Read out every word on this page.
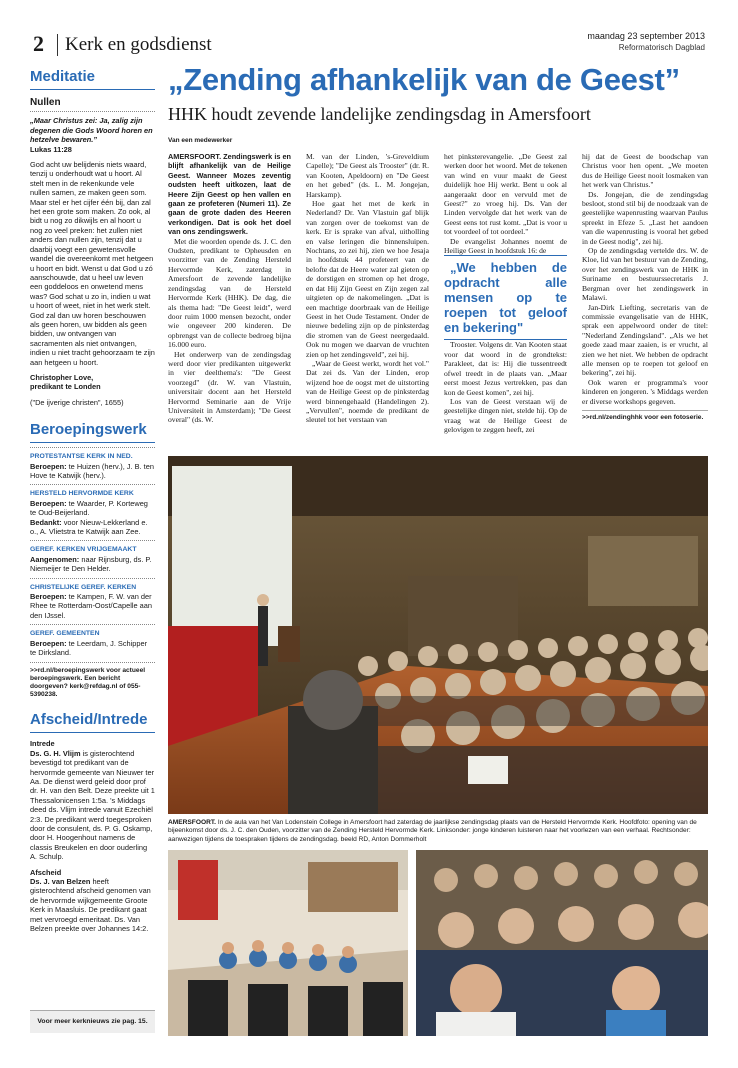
2	Kerk en godsdienst	maandag 23 september 2013
Reformatorisch Dagblad
Meditatie
Nullen
„Maar Christus zei: Ja, zalig zijn degenen die Gods Woord horen en hetzelve bewaren.”
Lukas 11:28
God acht uw belijdenis niets waard, tenzij u onderhoudt wat u hoort. Al stelt men in de rekenkunde vele nullen samen, ze maken geen som. Maar stel er het cijfer één bij, dan zal het een grote som maken. Zo ook, al bidt u nog zo dikwijls en al hoort u nog zo veel preken: het zullen niet anders dan nullen zijn, tenzij dat u daarbij voegt een gewetensvolle wandel die overeenkomt met hetgeen u hoort en bidt. Wenst u dat God u zó aanschouwde, dat u heel uw leven een goddeloos en onwetend mens was? God schat u zo in, indien u wat u hoort of weet, niet in het werk stelt. God zal dan uw horen beschouwen als geen horen, uw bidden als geen bidden, uw ontvangen van sacramenten als niet ontvangen, indien u niet tracht gehoorzaam te zijn aan hetgeen u hoort.
Christopher Love,
predikant te Londen
("De ijverige christen", 1655)
Beroepingswerk
PROTESTANTSE KERK IN NED.
Beroepen: te Huizen (herv.), J. B. ten Hove te Katwijk (herv.).
HERSTELD HERVORMDE KERK
Beroepen: te Waarder, P. Korteweg te Oud-Beijerland.
Bedankt: voor Nieuw-Lekkerland e. o., A. Vlietstra te Katwijk aan Zee.
GEREF. KERKEN VRIJGEMAAKT
Aangenomen: naar Rijnsburg, ds. P. Niemeijer te Den Helder.
CHRISTELIJKE GEREF. KERKEN
Beroepen: te Kampen, F. W. van der Rhee te Rotterdam-Oost/Capelle aan den IJssel.
GEREF. GEMEENTEN
Beroepen: te Leerdam, J. Schipper te Dirksland.
>>rd.nl/beroepingswerk voor actueel beroepingswerk. Een bericht doorgeven? kerk@refdag.nl of 055-5390238.
Afscheid/Intrede
Intrede
Ds. G. H. Vlijm is gisterochtend bevestigd tot predikant van de hervormde gemeente van Nieuwer ter Aa. De dienst werd geleid door prof dr. H. van den Belt. Deze preekte uit 1 Thessalonicensen 1:5a. 's Middags deed ds. Vlijm intrede vanuit Ezechiël 2:3. De predikant werd toegesproken door de consulent, ds. P. G. Oskamp, door H. Hoogenhout namens de classis Breukelen en door ouderling A. Schulp.
Afscheid
Ds. J. van Belzen heeft gisterochtend afscheid genomen van de hervormde wijkgemeente Groote Kerk in Maasluis. De predikant gaat met vervroegd emeritaat. Ds. Van Belzen preekte over Johannes 14:2.
Voor meer kerknieuws zie pag. 15.
„Zending afhankelijk van de Geest”
HHK houdt zevende landelijke zendingsdag in Amersfoort
Van een medewerker

AMERSFOORT. Zendingswerk is en blijft afhankelijk van de Heilige Geest. Wanneer Mozes zeventig oudsten heeft uitkozen, laat de Heere Zijn Geest op hen vallen en gaan ze profeteren (Numeri 11). Ze gaan de grote daden des Heeren verkondigen. Dat is ook het doel van ons zendingswerk.

Met die woorden opende ds. J. C. den Oudsten, predikant te Opheusden en voorzitter van de Zending Hersteld Hervormde Kerk, zaterdag in Amersfoort de zevende landelijke zendingsdag van de Hersteld Hervormde Kerk (HHK). De dag, die als thema had: "De Geest leidt", werd door ruim 1000 mensen bezocht, onder wie ongeveer 200 kinderen. De opbrengst van de collecte bedroeg bijna 16.000 euro.

Het onderwerp van de zendingsdag werd door vier predikanten uitgewerkt in vier deelthema's: "De Geest voorzegd" (dr. W. van Vlastuin, universitair docent aan het Hersteld Hervormd Seminarie aan de Vrije Universiteit in Amsterdam); "De Geest overal" (ds. W.

M. van der Linden, 's-Greveldium Capelle); "De Geest als Trooster" (dr. R. van Kooten, Apeldoorn) en "De Geest en het gebed" (ds. L. M. Jongejan, Harskamp).

Hoe gaat het met de kerk in Nederland? Dr. Van Vlastuin gaf blijk van zorgen over de toekomst van de kerk. Er is sprake van afval, uitholling en valse leringen die binnensluipen. Nochtans, zo zei hij, zien we hoe Jesaja in hoofdstuk 44 profeteert van de belofte dat de Heere water zal gieten op de dorstigen en stromen op het droge, en dat Hij Zijn Geest en Zijn zegen zal uitgieten op de nakomelingen. „Dat is een machtige doorbraak van de Heilige Geest in het Oude Testament. Onder de nieuwe bedeling zijn op de pinksterdag die stromen van de Geest neergedaald. Ook nu mogen we daarvan de vruchten zien op het zendingsveld", zei hij.

„Waar de Geest werkt, wordt het vol." Dat zei ds. Van der Linden, erop wijzend hoe de oogst met de uitstorting van de Heilige Geest op de pinksterdag werd binnengehaald (Handelingen 2). „Vervullen", noemde de predikant de sleutel tot het verstaan van

het pinksterevangelie. „De Geest zal werken door het woord. Met de tekenen van wind en vuur maakt de Geest duidelijk hoe Hij werkt. Bent u ook al aangeraakt door en vervuld met de Geest?" zo vroeg hij. Ds. Van der Linden vervolgde dat het werk van de Geest eens tot rust komt. „Dat is voor u tot voordeel of tot oordeel."

De evangelist Johannes noemt de Heilige Geest in hoofdstuk 16: de

„We hebben de opdracht alle mensen op te roepen tot geloof en bekering"

Trooster. Volgens dr. Van Kooten staat voor dat woord in de grondtekst: Parakleet, dat is: Hij die tussentreedt ofwel treedt in de plaats van. „Maar eerst moest Jezus vertrekken, pas dan kon de Geest komen", zei hij.

Los van de Geest verstaan wij de geestelijke dingen niet, stelde hij. Op de vraag wat de Heilige Geest de gelovigen te zeggen heeft, zei

hij dat de Geest de boodschap van Christus voor hen opent. „We moeten dus de Heilige Geest nooit losmaken van het werk van Christus."

Ds. Jongejan, die de zendingsdag besloot, stond stil bij de noodzaak van de geestelijke wapenrusting waarvan Paulus spreekt in Efeze 5. „Last het aandoen van die wapenrusting is vooral het gebed in de Geest nodig", zei hij.

Op de zendingsdag vertelde drs. W. de Kloe, lid van het bestuur van de Zending, over het zendingswerk van de HHK in Suriname en bestuurssecretaris J. Bergman over het zendingswerk in Malawi.

Jan-Dirk Liefting, secretaris van de commissie evangelisatie van de HHK, sprak een appelwoord onder de titel: "Nederland Zendingsland". „Als we het goede zaad maar zaaien, is er vrucht, al zien we het niet. We hebben de opdracht alle mensen op te roepen tot geloof en bekering", zei hij.

Ook waren er programma's voor kinderen en jongeren. 's Middags werden er diverse workshops gegeven.

>>rd.nl/zendinghhk voor een fotoserie.
AMERSFOORT. In de aula van het Van Lodenstein College in Amersfoort had zaterdag de jaarlijkse zendingsdag plaats van de Hersteld Hervormde Kerk. Hoofdfoto: opening van de bijeenkomst door ds. J. C. den Ouden, voorzitter van de Zending Hersteld Hervormde Kerk. Linksonder: jonge kinderen luisteren naar het voorlezen van een verhaal. Rechtsonder: aanwezigen tijdens de toespraken tijdens de zendingsdag. beeld RD, Anton Dommerholt
